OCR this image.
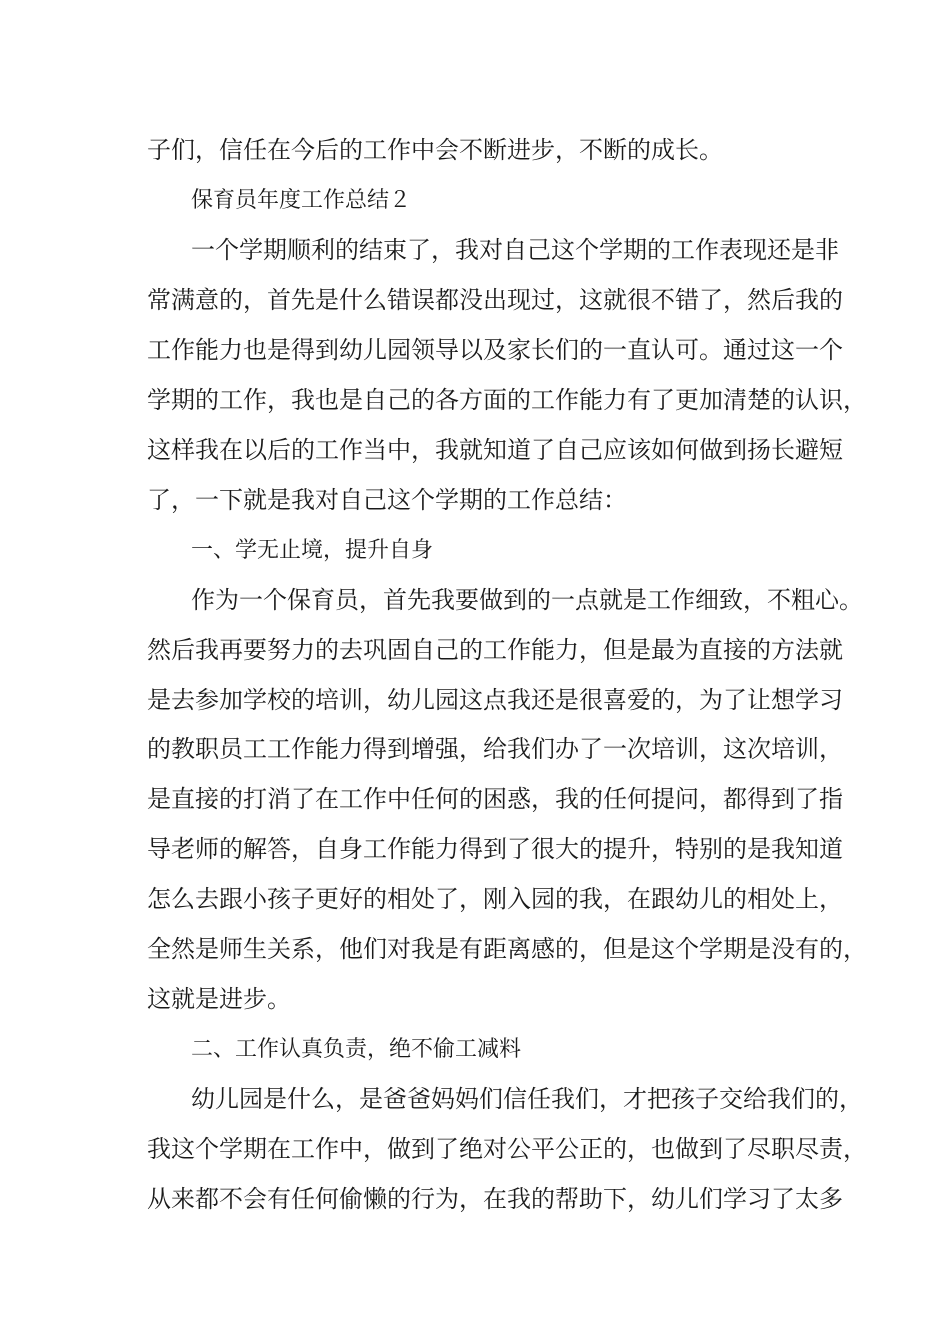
子们，信任在今后的工作中会不断进步，不断的成长。
保育员年度工作总结２
一个学期顺利的结束了，我对自己这个学期的工作表现还是非
常满意的，首先是什么错误都没出现过，这就很不错了，然后我的
工作能力也是得到幼儿园领导以及家长们的一直认可。通过这一个
学期的工作，我也是自己的各方面的工作能力有了更加清楚的认识，
这样我在以后的工作当中，我就知道了自己应该如何做到扬长避短
了，一下就是我对自己这个学期的工作总结：
一、学无止境，提升自身
作为一个保育员，首先我要做到的一点就是工作细致，不粗心。
然后我再要努力的去巩固自己的工作能力，但是最为直接的方法就
是去参加学校的培训，幼儿园这点我还是很喜爱的，为了让想学习
的教职员工工作能力得到增强，给我们办了一次培训，这次培训，
是直接的打消了在工作中任何的困惑，我的任何提问，都得到了指
导老师的解答，自身工作能力得到了很大的提升，特别的是我知道
怎么去跟小孩子更好的相处了，刚入园的我，在跟幼儿的相处上，
全然是师生关系，他们对我是有距离感的，但是这个学期是没有的，
这就是进步。
二、工作认真负责，绝不偷工减料
幼儿园是什么，是爸爸妈妈们信任我们，才把孩子交给我们的，
我这个学期在工作中，做到了绝对公平公正的，也做到了尽职尽责，
从来都不会有任何偷懒的行为，在我的帮助下，幼儿们学习了太多
